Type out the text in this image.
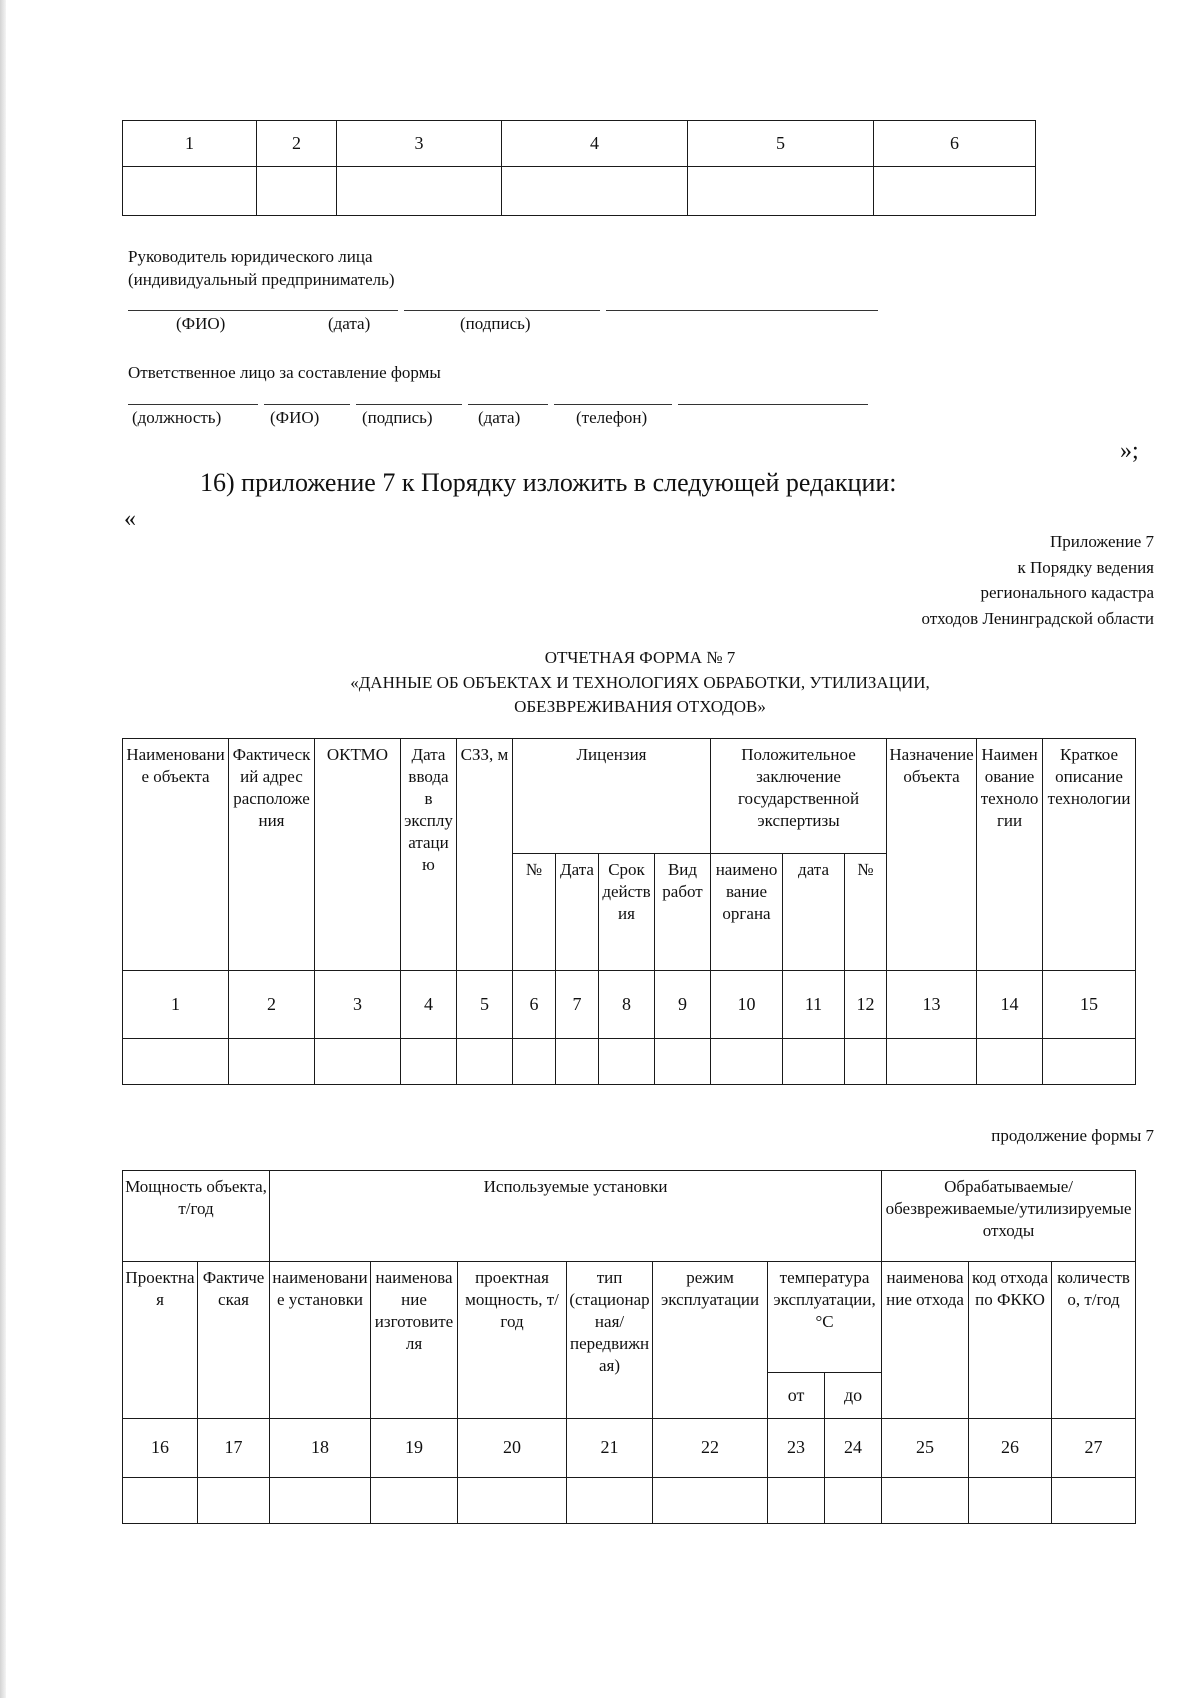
1	2	3	4	5	6

Руководитель юридического лица
(индивидуальный предприниматель)
(ФИО)	(дата)	(подпись)
Ответственное лицо за составление формы
(должность)	(ФИО)	(подпись)	(дата)	(телефон)
»;
16) приложение 7 к Порядку изложить в следующей редакции:
«
Приложение 7
к Порядку ведения
регионального кадастра
отходов Ленинградской области
ОТЧЕТНАЯ ФОРМА № 7
«ДАННЫЕ ОБ ОБЪЕКТАХ И ТЕХНОЛОГИЯХ ОБРАБОТКИ, УТИЛИЗАЦИИ,
ОБЕЗВРЕЖИВАНИЯ ОТХОДОВ»
Наименование объекта	Фактический адрес расположения	ОКТМО	Дата ввода в эксплуатацию	СЗЗ, м	Лицензия				Положительное заключение государственной экспертизы			Назначение объекта	Наименование технологии	Краткое описание технологии
					№	Дата	Срок действия	Вид работ	наименование органа	дата	№			
1	2	3	4	5	6	7	8	9	10	11	12	13	14	15

продолжение формы 7
Мощность объекта, т/год		Используемые установки							Обрабатываемые/обезвреживаемые/утилизируемые отходы		
Проектная	Фактическая	наименование установки	наименование изготовителя	проектная мощность, т/год	тип (стационарная/передвижная)	режим эксплуатации	температура эксплуатации, °С		наименование отхода	код отхода по ФККО	количество, т/год
							от	до			
16	17	18	19	20	21	22	23	24	25	26	27
